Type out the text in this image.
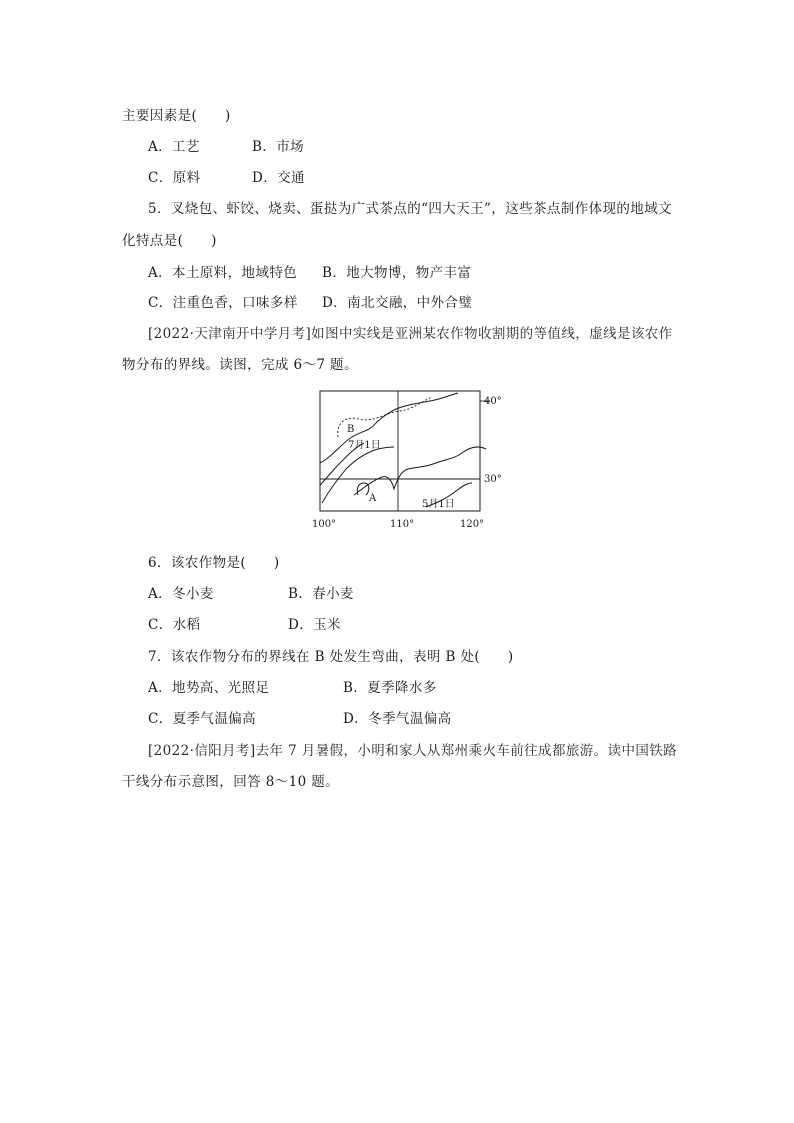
主要因素是(　　)
A．工艺	B．市场
C．原料	D．交通
5．叉烧包、虾饺、烧卖、蛋挞为广式茶点的“四大天王”，这些茶点制作体现的地域文
化特点是(　　)
A．本土原料，地域特色 B．地大物博，物产丰富
C．注重色香，口味多样 D．南北交融，中外合璧
[2022·天津南开中学月考]如图中实线是亚洲某农作物收割期的等值线，虚线是该农作
物分布的界线。读图，完成 6～7 题。
40°
30°
100°	110°	120°
B
A
7月1日
5月1日
6．该农作物是(　　)
A．冬小麦	B．春小麦
C．水稻	D．玉米
7．该农作物分布的界线在 B 处发生弯曲，表明 B 处(　　)
A．地势高、光照足	B．夏季降水多
C．夏季气温偏高	D．冬季气温偏高
[2022·信阳月考]去年 7 月暑假，小明和家人从郑州乘火车前往成都旅游。读中国铁路
干线分布示意图，回答 8～10 题。
